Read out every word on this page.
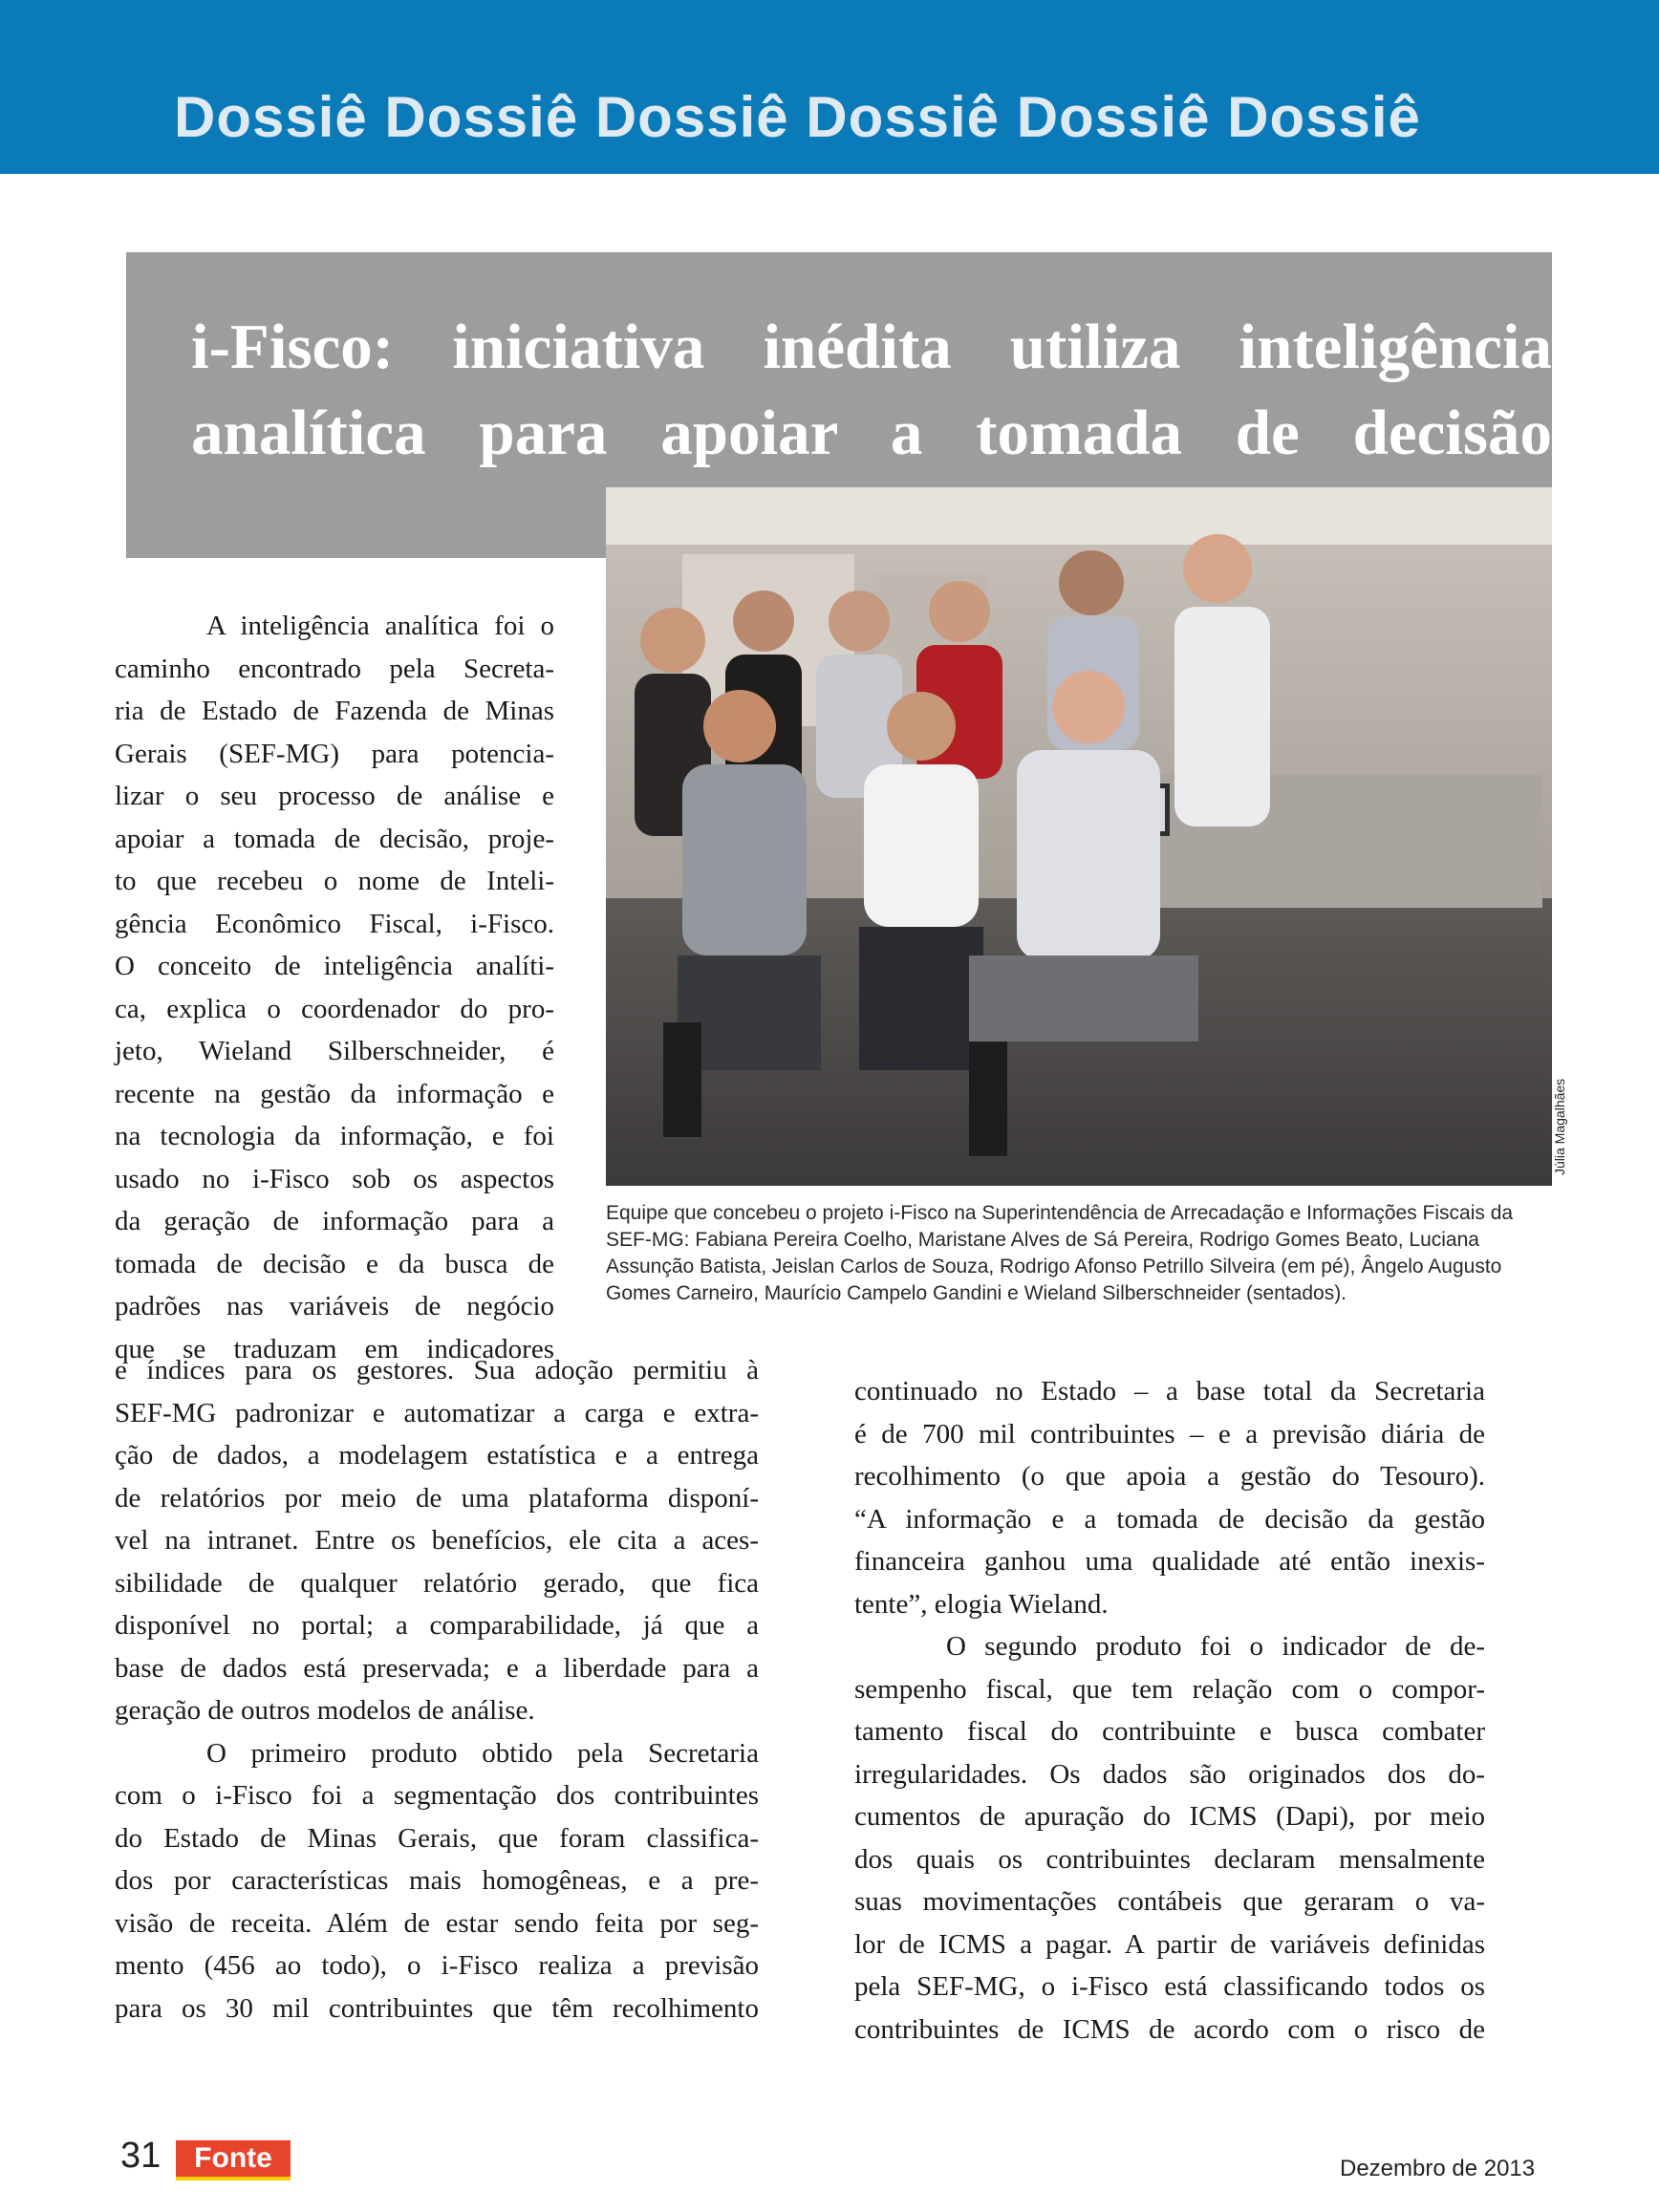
Dossiê Dossiê Dossiê Dossiê Dossiê Dossiê
i-Fisco: iniciativa inédita utiliza inteligência
analítica para apoiar a tomada de decisão
Júlia Magalhães
Equipe que concebeu o projeto i-Fisco na Superintendência de Arrecadação e Informações Fiscais da SEF-MG: Fabiana Pereira Coelho, Maristane Alves de Sá Pereira, Rodrigo Gomes Beato, Luciana Assunção Batista, Jeislan Carlos de Souza, Rodrigo Afonso Petrillo Silveira (em pé), Ângelo Augusto Gomes Carneiro, Maurício Campelo Gandini e Wieland Silberschneider (sentados).
A inteligência analítica foi o
caminho encontrado pela Secreta-
ria de Estado de Fazenda de Minas
Gerais (SEF-MG) para potencia-
lizar o seu processo de análise e
apoiar a tomada de decisão, proje-
to que recebeu o nome de Inteli-
gência Econômico Fiscal, i-Fisco.
O conceito de inteligência analíti-
ca, explica o coordenador do pro-
jeto, Wieland Silberschneider, é
recente na gestão da informação e
na tecnologia da informação, e foi
usado no i-Fisco sob os aspectos
da geração de informação para a
tomada de decisão e da busca de
padrões nas variáveis de negócio
que se traduzam em indicadores
e índices para os gestores. Sua adoção permitiu à
SEF-MG padronizar e automatizar a carga e extra-
ção de dados, a modelagem estatística e a entrega
de relatórios por meio de uma plataforma disponí-
vel na intranet. Entre os benefícios, ele cita a aces-
sibilidade de qualquer relatório gerado, que fica
disponível no portal; a comparabilidade, já que a
base de dados está preservada; e a liberdade para a
geração de outros modelos de análise.
O primeiro produto obtido pela Secretaria
com o i-Fisco foi a segmentação dos contribuintes
do Estado de Minas Gerais, que foram classifica-
dos por características mais homogêneas, e a pre-
visão de receita. Além de estar sendo feita por seg-
mento (456 ao todo), o i-Fisco realiza a previsão
para os 30 mil contribuintes que têm recolhimento
continuado no Estado – a base total da Secretaria
é de 700 mil contribuintes – e a previsão diária de
recolhimento (o que apoia a gestão do Tesouro).
“A informação e a tomada de decisão da gestão
financeira ganhou uma qualidade até então inexis-
tente”, elogia Wieland.
O segundo produto foi o indicador de de-
sempenho fiscal, que tem relação com o compor-
tamento fiscal do contribuinte e busca combater
irregularidades. Os dados são originados dos do-
cumentos de apuração do ICMS (Dapi), por meio
dos quais os contribuintes declaram mensalmente
suas movimentações contábeis que geraram o va-
lor de ICMS a pagar. A partir de variáveis definidas
pela SEF-MG, o i-Fisco está classificando todos os
contribuintes de ICMS de acordo com o risco de
31	Fonte	Dezembro de 2013
